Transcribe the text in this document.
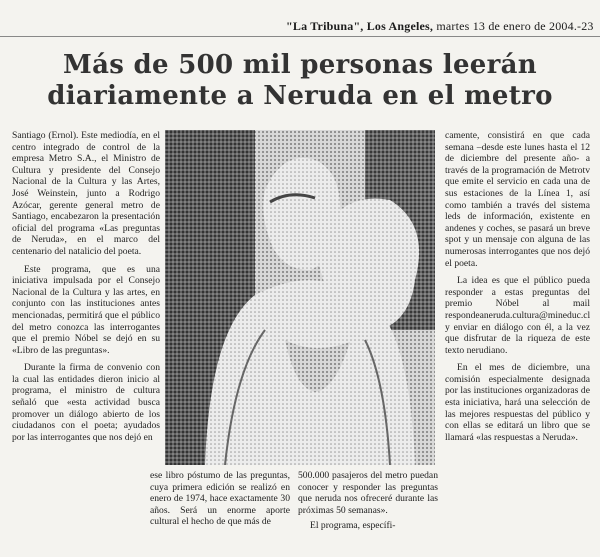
"La Tribuna", Los Angeles, martes 13 de enero de 2004.-23
Más de 500 mil personas leerán
diariamente a Neruda en el metro

Santiago (Ernol). Este mediodía, en el centro integrado de control de la empresa Metro S.A., el Ministro de Cultura y presidente del Consejo Nacional de la Cultura y las Artes, José Weinstein, junto a Rodrigo Azócar, gerente general metro de Santiago, encabezaron la presentación oficial del programa «Las preguntas de Neruda», en el marco del centenario del natalicio del poeta.

Este programa, que es una iniciativa impulsada por el Consejo Nacional de la Cultura y las artes, en conjunto con las instituciones antes mencionadas, permitirá que el público del metro conozca las interrogantes que el premio Nóbel se dejó en su «Libro de las preguntas».

Durante la firma de convenio con la cual las entidades dieron inicio al programa, el ministro de cultura señaló que «esta actividad busca promover un diálogo abierto de los ciudadanos con el poeta; ayudados por las interrogantes que nos dejó en

ese libro póstumo de las preguntas, cuya primera edición se realizó en enero de 1974, hace exactamente 30 años. Será un enorme aporte cultural el hecho de que más de

500.000 pasajeros del metro puedan conocer y responder las preguntas que neruda nos ofreceré durante las próximas 50 semanas».

El programa, específi-

camente, consistirá en que cada semana –desde este lunes hasta el 12 de diciembre del presente año- a través de la programación de Metrotv que emite el servicio en cada una de sus estaciones de la Línea 1, así como también a través del sistema leds de información, existente en andenes y coches, se pasará un breve spot y un mensaje con alguna de las numerosas interrogantes que nos dejó el poeta.

La idea es que el público pueda responder a estas preguntas del premio Nóbel al mail respondeaneruda.cultura@mineduc.cl y enviar en diálogo con él, a la vez que disfrutar de la riqueza de este texto nerudiano.

En el mes de diciembre, una comisión especialmente designada por las instituciones organizadoras de esta iniciativa, hará una selección de las mejores respuestas del público y con ellas se editará un libro que se llamará «las respuestas a Neruda».
